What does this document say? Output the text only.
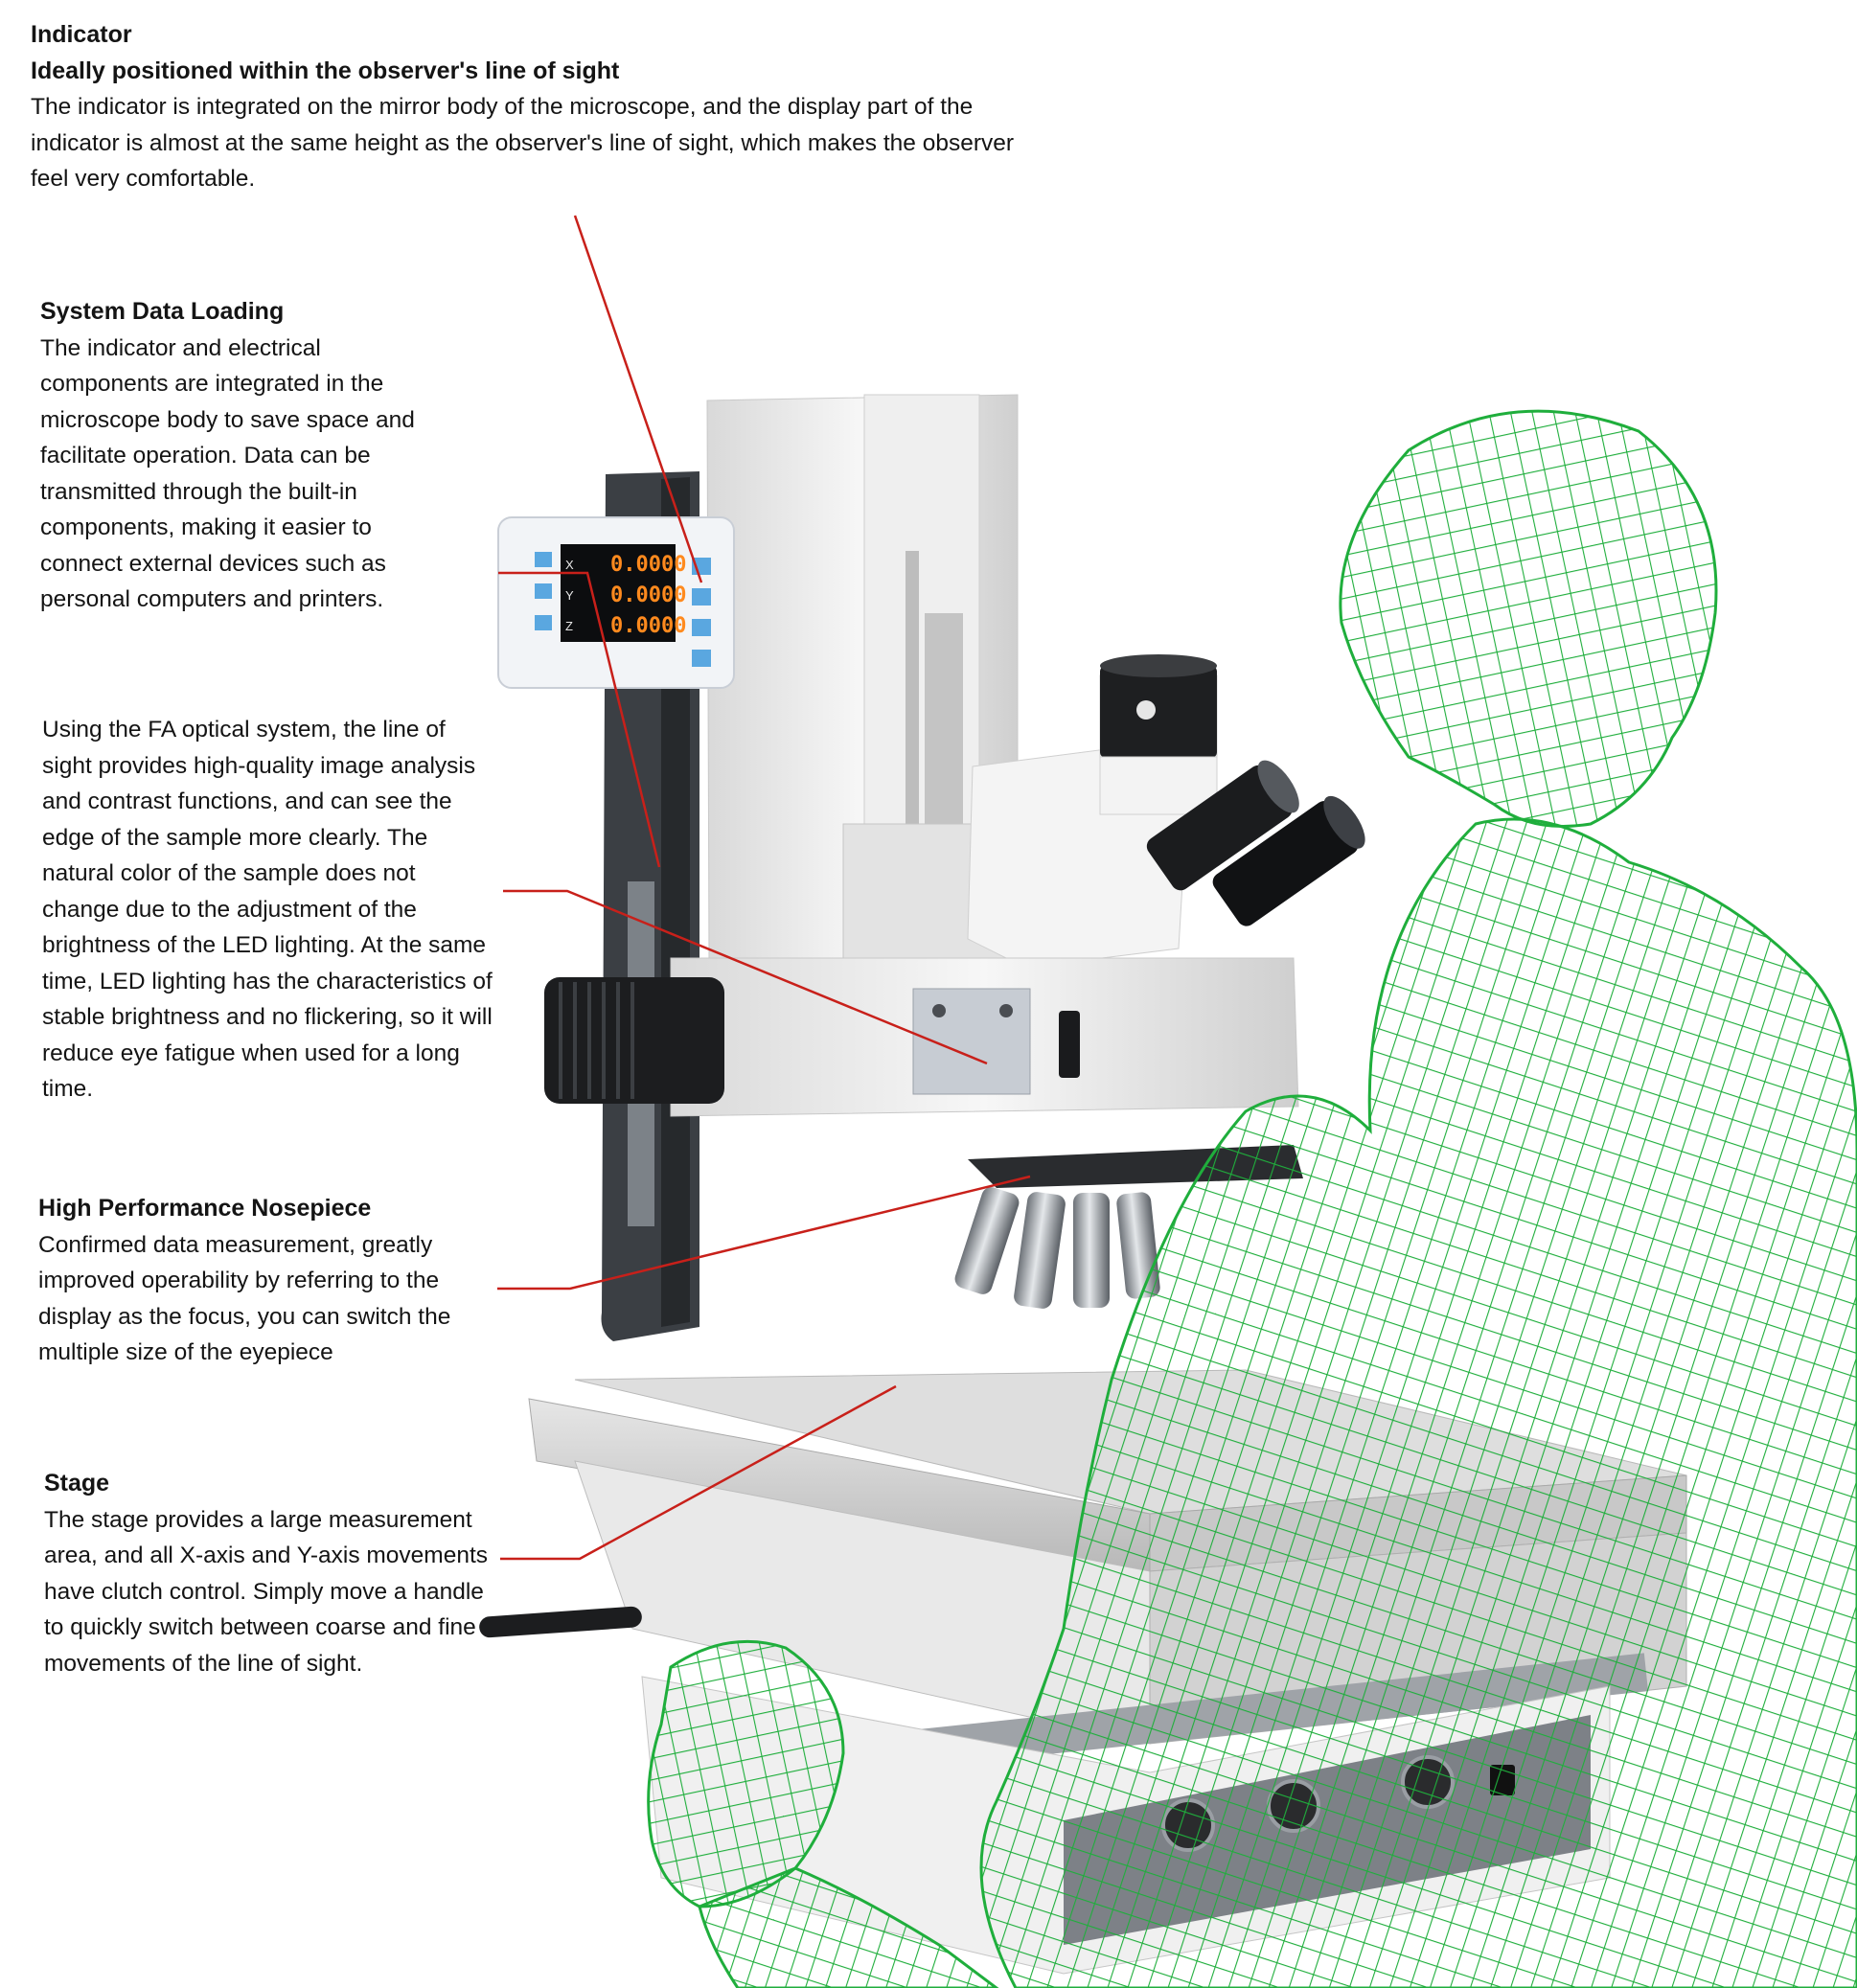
Indicator
Ideally positioned within the observer's line of sight

The indicator is integrated on the mirror body of the microscope, and the display part of the indicator is almost at the same height as the observer's line of sight, which makes the observer feel very comfortable.

System Data Loading

The indicator and electrical components are integrated in the microscope body to save space and facilitate operation. Data can be transmitted through the built-in components, making it easier to connect external devices such as personal computers and printers.

Using the FA optical system, the line of sight provides high-quality image analysis and contrast functions, and can see the edge of the sample more clearly. The natural color of the sample does not change due to the adjustment of the brightness of the LED lighting. At the same time, LED lighting has the characteristics of stable brightness and no flickering, so it will reduce eye fatigue when used for a long time.

High Performance Nosepiece

Confirmed data measurement, greatly improved operability by referring to the display as the focus, you can switch the multiple size of the eyepiece

Stage

The stage provides a large measurement area, and all X-axis and Y-axis movements have clutch control. Simply move a handle to quickly switch between coarse and fine movements of the line of sight.

X
Y
Z
0.0000
0.0000
0.0000
